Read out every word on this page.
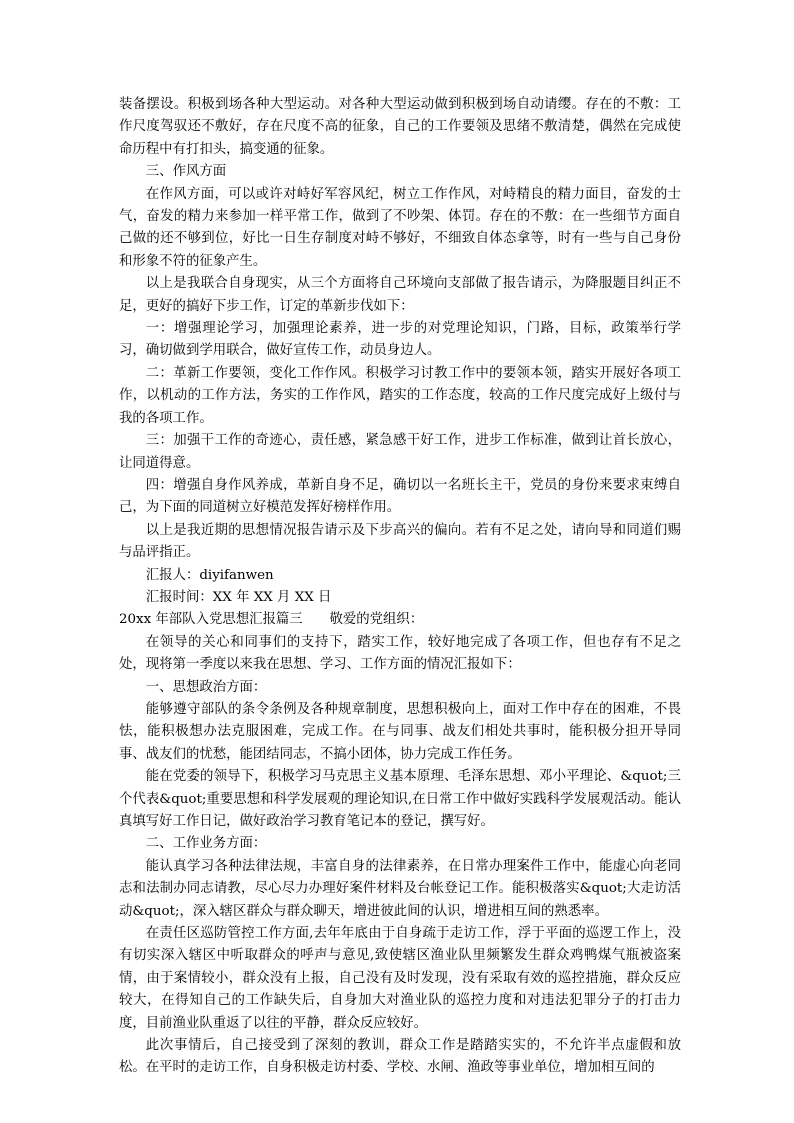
装备摆设。积极到场各种大型运动。对各种大型运动做到积极到场自动请缨。存在的不敷：工作尺度驾驭还不敷好，存在尺度不高的征象，自己的工作要领及思绪不敷清楚，偶然在完成使命历程中有打扣头，搞变通的征象。

三、作风方面

在作风方面，可以或许对峙好军容风纪，树立工作作风，对峙精良的精力面目，奋发的士气，奋发的精力来参加一样平常工作，做到了不吵架、体罚。存在的不敷：在一些细节方面自己做的还不够到位，好比一日生存制度对峙不够好，不细致自体态拿等，时有一些与自己身份和形象不符的征象产生。

以上是我联合自身现实，从三个方面将自己环境向支部做了报告请示，为降服题目纠正不足，更好的搞好下步工作，订定的革新步伐如下：

一：增强理论学习，加强理论素养，进一步的对党理论知识，门路，目标，政策举行学习，确切做到学用联合，做好宣传工作，动员身边人。

二：革新工作要领，变化工作作风。积极学习讨教工作中的要领本领，踏实开展好各项工作，以机动的工作方法，务实的工作作风，踏实的工作态度，较高的工作尺度完成好上级付与我的各项工作。

三：加强干工作的奇迹心，责任感，紧急感干好工作，进步工作标准，做到让首长放心，让同道得意。

四：增强自身作风养成，革新自身不足，确切以一名班长主干，党员的身份来要求束缚自己，为下面的同道树立好模范发挥好榜样作用。

以上是我近期的思想情况报告请示及下步高兴的偏向。若有不足之处，请向导和同道们赐与品评指正。

汇报人：diyifanwen

汇报时间：XX 年 XX 月 XX 日

20xx 年部队入党思想汇报篇三　　敬爱的党组织：

在领导的关心和同事们的支持下，踏实工作，较好地完成了各项工作，但也存有不足之处，现将第一季度以来我在思想、学习、工作方面的情况汇报如下：

一、思想政治方面：

能够遵守部队的条令条例及各种规章制度，思想积极向上，面对工作中存在的困难，不畏怯，能积极想办法克服困难，完成工作。在与同事、战友们相处共事时，能积极分担开导同事、战友们的忧愁，能团结同志，不搞小团体，协力完成工作任务。

能在党委的领导下，积极学习马克思主义基本原理、毛泽东思想、邓小平理论、&quot;三个代表&quot;重要思想和科学发展观的理论知识,在日常工作中做好实践科学发展观活动。能认真填写好工作日记，做好政治学习教育笔记本的登记，撰写好。

二、工作业务方面：

能认真学习各种法律法规，丰富自身的法律素养，在日常办理案件工作中，能虚心向老同志和法制办同志请教，尽心尽力办理好案件材料及台帐登记工作。能积极落实&quot;大走访活动&quot;，深入辖区群众与群众聊天，增进彼此间的认识，增进相互间的熟悉率。

在责任区巡防管控工作方面,去年年底由于自身疏于走访工作，浮于平面的巡逻工作上，没有切实深入辖区中听取群众的呼声与意见,致使辖区渔业队里频繁发生群众鸡鸭煤气瓶被盗案情，由于案情较小，群众没有上报，自己没有及时发现，没有采取有效的巡控措施，群众反应较大，在得知自己的工作缺失后，自身加大对渔业队的巡控力度和对违法犯罪分子的打击力度，目前渔业队重返了以往的平静，群众反应较好。

此次事情后，自己接受到了深刻的教训，群众工作是踏踏实实的，不允许半点虚假和放松。在平时的走访工作，自身积极走访村委、学校、水闸、渔政等事业单位，增加相互间的
